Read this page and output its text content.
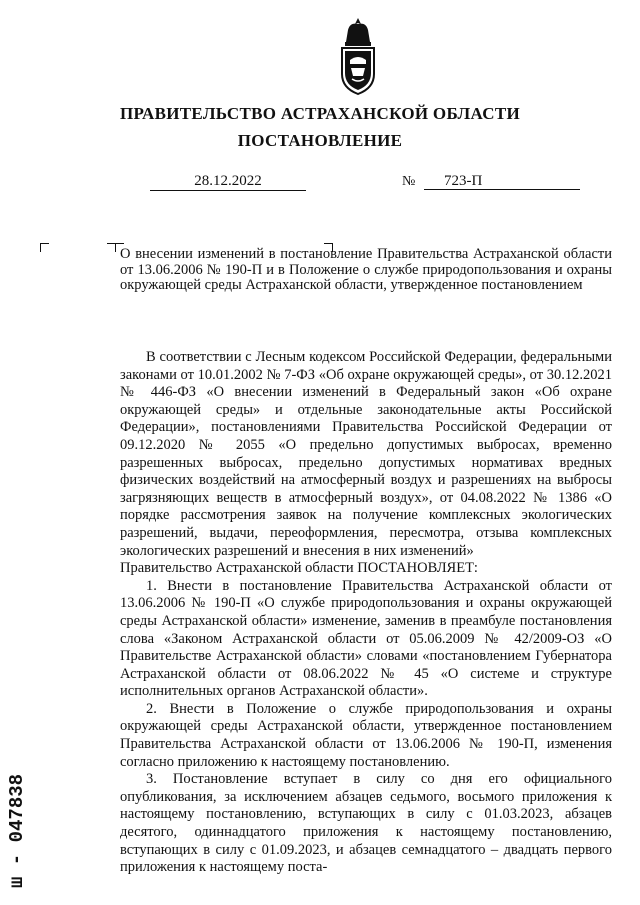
ПРАВИТЕЛЬСТВО АСТРАХАНСКОЙ ОБЛАСТИ
ПОСТАНОВЛЕНИЕ
28.12.2022	№	723-П
О внесении изменений в постановление Правительства Астраханской области от 13.06.2006 № 190-П и в Положение о службе природопользования и охраны окружающей среды Астраханской области, утвержденное постановлением

В соответствии с Лесным кодексом Российской Федерации, федеральными законами от 10.01.2002 № 7-ФЗ «Об охране окружающей среды», от 30.12.2021 № 446-ФЗ «О внесении изменений в Федеральный закон «Об охране окружающей среды» и отдельные законодательные акты Российской Федерации», постановлениями Правительства Российской Федерации от 09.12.2020 № 2055 «О предельно допустимых выбросах, временно разрешенных выбросах, предельно допустимых нормативах вредных физических воздействий на атмосферный воздух и разрешениях на выбросы загрязняющих веществ в атмосферный воздух», от 04.08.2022 № 1386 «О порядке рассмотрения заявок на получение комплексных экологических разрешений, выдачи, переоформления, пересмотра, отзыва комплексных экологических разрешений и внесения в них изменений»

Правительство Астраханской области ПОСТАНОВЛЯЕТ:

1. Внести в постановление Правительства Астраханской области от 13.06.2006 № 190-П «О службе природопользования и охраны окружающей среды Астраханской области» изменение, заменив в преамбуле постановления слова «Законом Астраханской области от 05.06.2009 № 42/2009-ОЗ «О Правительстве Астраханской области» словами «постановлением Губернатора Астраханской области от 08.06.2022 № 45 «О системе и структуре исполнительных органов Астраханской области».

2. Внести в Положение о службе природопользования и охраны окружающей среды Астраханской области, утвержденное постановлением Правительства Астраханской области от 13.06.2006 № 190-П, изменения согласно приложению к настоящему постановлению.

3. Постановление вступает в силу со дня его официального опубликования, за исключением абзацев седьмого, восьмого приложения к настоящему постановлению, вступающих в силу с 01.03.2023, абзацев десятого, одиннадцатого приложения к настоящему постановлению, вступающих в силу с 01.09.2023, и абзацев семнадцатого – двадцать первого приложения к настоящему поста-

ш - 047838
